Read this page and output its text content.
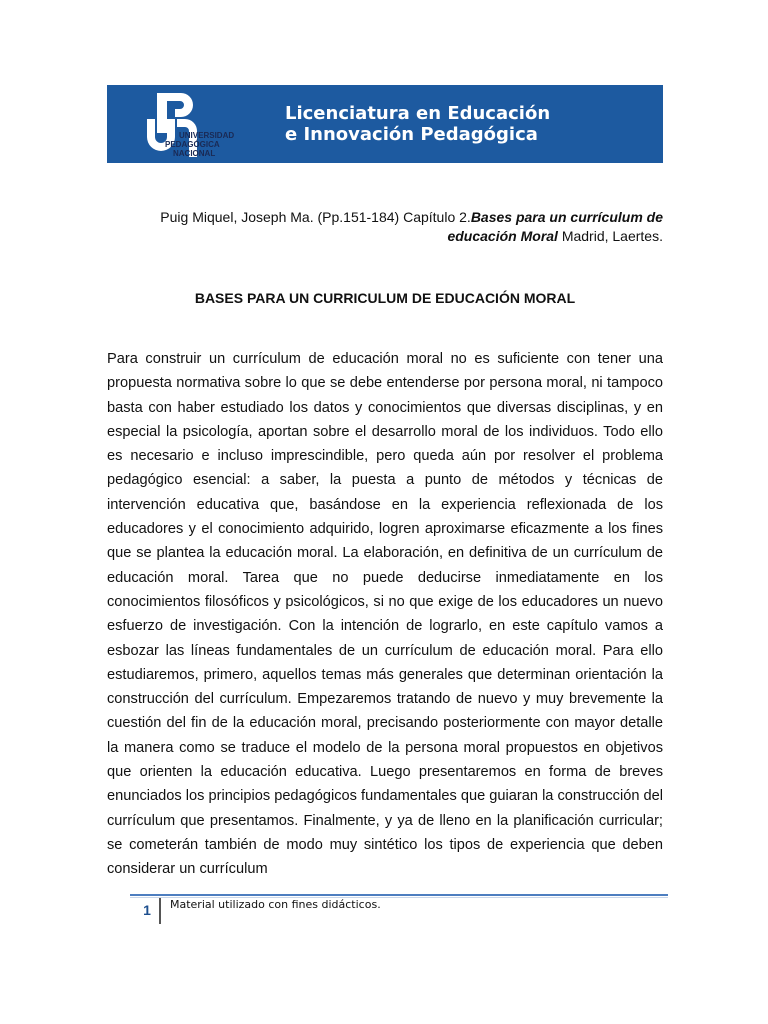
UNIVERSIDAD
PEDAGÓGICA
NACIONAL
Licenciatura en Educación
e Innovación Pedagógica
Puig Miquel, Joseph Ma. (Pp.151-184) Capítulo 2.Bases para un currículum de
educación Moral Madrid, Laertes.
BASES PARA UN CURRICULUM DE EDUCACIÓN MORAL

Para construir un currículum de educación moral no es suficiente con tener una propuesta normativa sobre lo que se debe entenderse por persona moral, ni tampoco basta con haber estudiado los datos y conocimientos que diversas disciplinas, y en especial la psicología, aportan sobre el desarrollo moral de los individuos. Todo ello es necesario e incluso imprescindible, pero queda aún por resolver el problema pedagógico esencial: a saber, la puesta a punto de métodos y técnicas de intervención educativa que, basándose en la experiencia reflexionada de los educadores y el conocimiento adquirido, logren aproximarse eficazmente a los fines que se plantea la educación moral. La elaboración, en definitiva de un currículum de educación moral. Tarea que no puede deducirse inmediatamente en los conocimientos filosóficos y psicológicos, si no que exige de los educadores un nuevo esfuerzo de investigación. Con la intención de lograrlo, en este capítulo vamos a esbozar las líneas fundamentales de un currículum de educación moral. Para ello estudiaremos, primero, aquellos temas más generales que determinan orientación la construcción del currículum. Empezaremos tratando de nuevo y muy brevemente la cuestión del fin de la educación moral, precisando posteriormente con mayor detalle la manera como se traduce el modelo de la persona moral propuestos en objetivos que orienten la educación educativa. Luego presentaremos en forma de breves enunciados los principios pedagógicos fundamentales que guiaran la construcción del currículum que presentamos. Finalmente, y ya de lleno en la planificación curricular; se cometerán también de modo muy sintético los tipos de experiencia que deben considerar un currículum

1	Material utilizado con fines didácticos.
